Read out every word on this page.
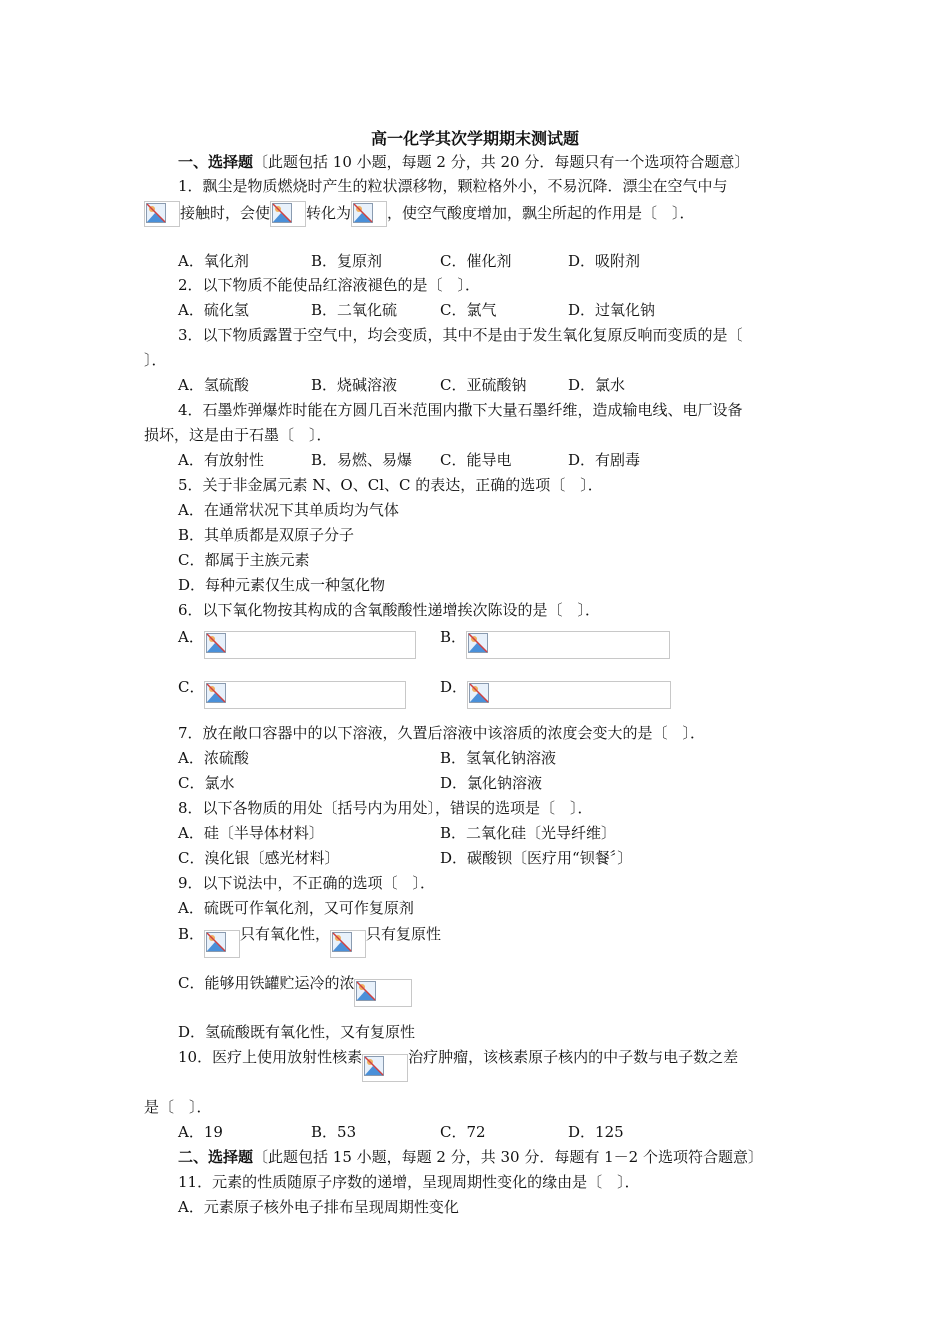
高一化学其次学期期末测试题
一、选择题〔此题包括 10 小题，每题 2 分，共 20 分．每题只有一个选项符合题意〕
1．飘尘是物质燃烧时产生的粒状漂移物，颗粒格外小，不易沉降．漂尘在空气中与
接触时，会使 转化为 ，使空气酸度增加，飘尘所起的作用是〔　〕．
A．氧化剂	B．复原剂	C．催化剂	D．吸附剂
2．以下物质不能使品红溶液褪色的是〔　〕．
A．硫化氢	B．二氧化硫	C．氯气	D．过氧化钠
3．以下物质露置于空气中，均会变质，其中不是由于发生氧化复原反响而变质的是〔
〕．
A．氢硫酸	B．烧碱溶液	C．亚硫酸钠	D．氯水
4．石墨炸弹爆炸时能在方圆几百米范围内撒下大量石墨纤维，造成输电线、电厂设备
损坏，这是由于石墨〔　〕．
A．有放射性	B．易燃、易爆 C．能导电	D．有剧毒
5．关于非金属元素 N、O、Cl、C 的表达，正确的选项〔　〕．
A．在通常状况下其单质均为气体
B．其单质都是双原子分子
C．都属于主族元素
D．每种元素仅生成一种氢化物
6．以下氧化物按其构成的含氧酸酸性递增挨次陈设的是〔　〕．
A．	B．
C．	D．
7．放在敞口容器中的以下溶液，久置后溶液中该溶质的浓度会变大的是〔　〕．
A．浓硫酸	B．氢氧化钠溶液
C．氯水	D．氯化钠溶液
8．以下各物质的用处〔括号内为用处〕，错误的选项是〔　〕．
A．硅〔半导体材料〕	B．二氧化硅〔光导纤维〕
C．溴化银〔感光材料〕	D．碳酸钡〔医疗用“钡餐〞〕
9．以下说法中，不正确的选项〔　〕．
A．硫既可作氧化剂，又可作复原剂
B． 只有氧化性， 只有复原性
C．能够用铁罐贮运冷的浓
D．氢硫酸既有氧化性，又有复原性
10．医疗上使用放射性核素	治疗肿瘤，该核素原子核内的中子数与电子数之差
是〔　〕．
A．19	B．53	C．72	D．125
二、选择题〔此题包括 15 小题，每题 2 分，共 30 分．每题有 1－2 个选项符合题意〕
11．元素的性质随原子序数的递增，呈现周期性变化的缘由是〔　〕．
A．元素原子核外电子排布呈现周期性变化
